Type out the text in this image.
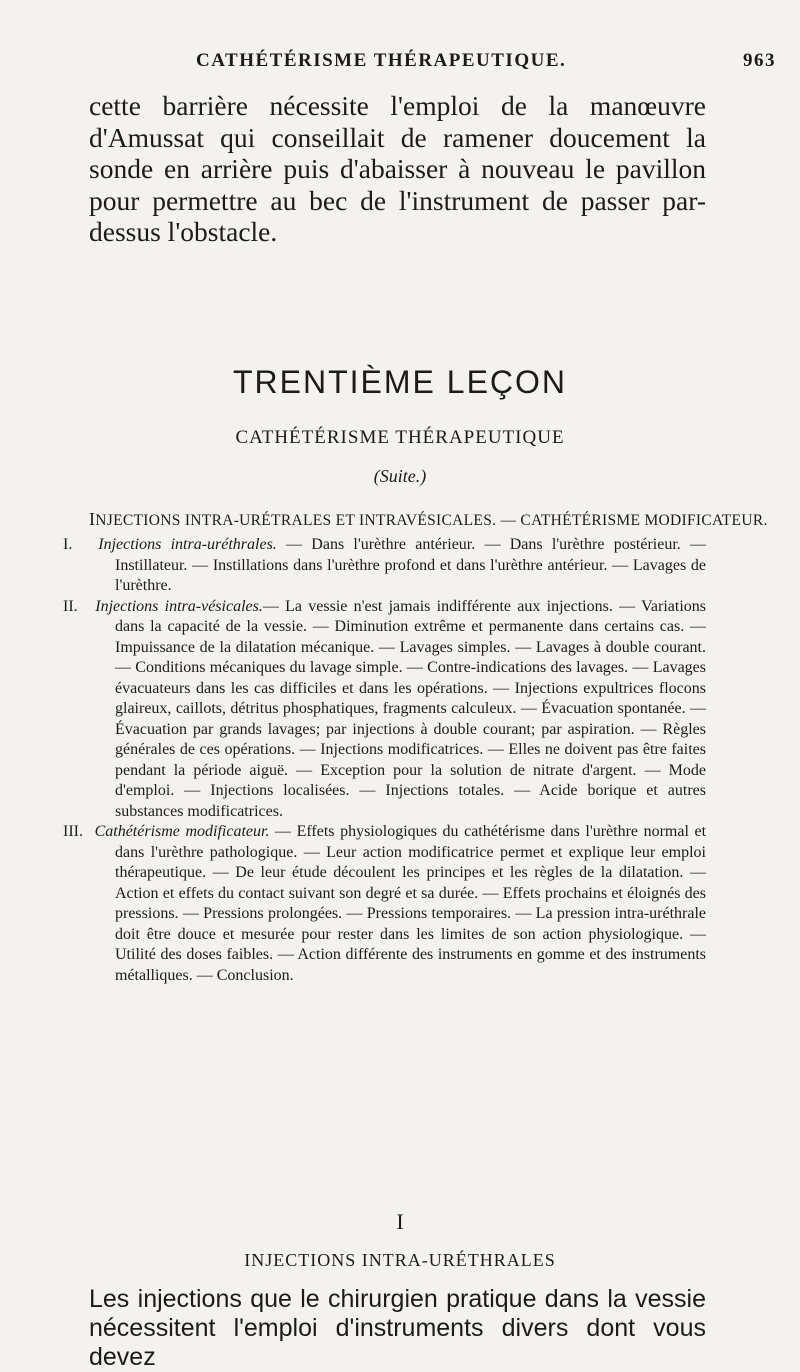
CATHÉTÉRISME THÉRAPEUTIQUE.	963
cette barrière nécessite l'emploi de la manœuvre d'Amussat qui conseillait de ramener doucement la sonde en arrière puis d'abaisser à nouveau le pavillon pour permettre au bec de l'instrument de passer par-dessus l'obstacle.
TRENTIÈME LEÇON
CATHÉTÉRISME THÉRAPEUTIQUE
(Suite.)
INJECTIONS INTRA-URÉTRALES ET INTRAVÉSICALES. — CATHÉTÉRISME MODIFICATEUR.

I. Injections intra-uréthrales. — Dans l'urèthre antérieur. — Dans l'urèthre postérieur. — Instillateur. — Instillations dans l'urèthre profond et dans l'urèthre antérieur. — Lavages de l'urèthre.

II. Injections intra-vésicales.— La vessie n'est jamais indifférente aux injections. — Variations dans la capacité de la vessie. — Diminution extrême et permanente dans certains cas. — Impuissance de la dilatation mécanique. — Lavages simples. — Lavages à double courant. — Conditions mécaniques du lavage simple. — Contre-indications des lavages. — Lavages évacuateurs dans les cas difficiles et dans les opérations. — Injections expultrices flocons glaireux, caillots, détritus phosphatiques, fragments calculeux. — Évacuation spontanée. — Évacuation par grands lavages; par injections à double courant; par aspiration. — Règles générales de ces opérations. — Injections modificatrices. — Elles ne doivent pas être faites pendant la période aiguë. — Exception pour la solution de nitrate d'argent. — Mode d'emploi. — Injections localisées. — Injections totales. — Acide borique et autres substances modificatrices.

III. Cathétérisme modificateur. — Effets physiologiques du cathétérisme dans l'urèthre normal et dans l'urèthre pathologique. — Leur action modificatrice permet et explique leur emploi thérapeutique. — De leur étude découlent les principes et les règles de la dilatation. — Action et effets du contact suivant son degré et sa durée. — Effets prochains et éloignés des pressions. — Pressions prolongées. — Pressions temporaires. — La pression intra-uréthrale doit être douce et mesurée pour rester dans les limites de son action physiologique. — Utilité des doses faibles. — Action différente des instruments en gomme et des instruments métalliques. — Conclusion.

I
INJECTIONS INTRA-URÉTHRALES
Les injections que le chirurgien pratique dans la vessie nécessitent l'emploi d'instruments divers dont vous devez
